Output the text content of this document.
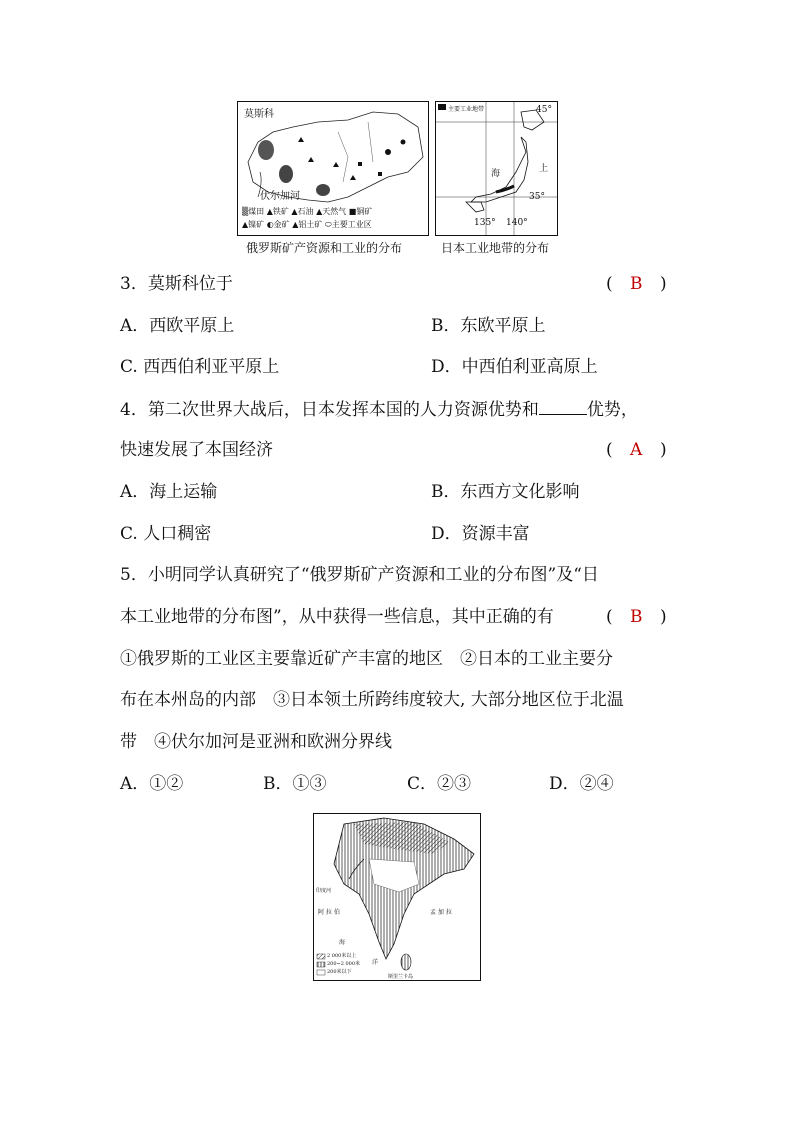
莫斯科
伏尔加河
▒煤田 ▲铁矿 ▲石油 ▲天然气 ■铜矿
▲镍矿 ◐金矿 ▲铝土矿 ⬭主要工业区
俄罗斯矿产资源和工业的分布
主要工业地带	45°
35°
135° 140°
海	上
日本工业地带的分布
3．莫斯科位于	( B )
A．西欧平原上	B．东欧平原上
C. 西西伯利亚平原上	D．中西伯利亚高原上
4．第二次世界大战后，日本发挥本国的人力资源优势和	优势，
快速发展了本国经济	( A )
A．海上运输	B．东西方文化影响
C. 人口稠密	D．资源丰富
5．小明同学认真研究了“俄罗斯矿产资源和工业的分布图”及“日
本工业地带的分布图”，从中获得一些信息，其中正确的有	( B )
①俄罗斯的工业区主要靠近矿产丰富的地区　②日本的工业主要分
布在本州岛的内部　③日本领土所跨纬度较大, 大部分地区位于北温
带　④伏尔加河是亚洲和欧洲分界线
A．①②	B．①③	C．②③	D．②④
2 000米以上
200~2 000米
200米以下
阿 拉 伯
海
孟 加 拉
斯里兰卡岛
洋
印度河
